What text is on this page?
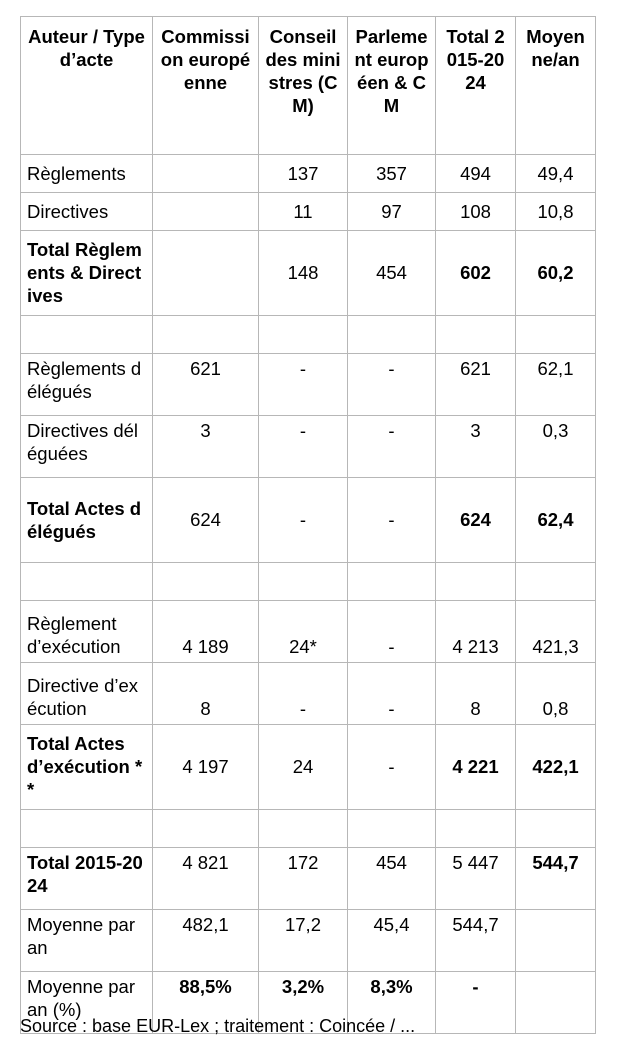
Auteur / Type d’acte	Commission européenne	Conseil des ministres (CM)	Parlement européen & CM	Total 2015-2024	Moyenne/an
Règlements		137	357	494	49,4
Directives		11	97	108	10,8
Total Règlements & Directives		148	454	602	60,2

Règlements délégués	621	-	-	621	62,1
Directives déléguées	3	-	-	3	0,3
Total Actes délégués	624	-	-	624	62,4

Règlement d’exécution	4 189	24*	-	4 213	421,3
Directive d’exécution	8	-	-	8	0,8
Total Actes d’exécution **	4 197	24	-	4 221	422,1

Total 2015-2024	4 821	172	454	5 447	544,7
Moyenne par an	482,1	17,2	45,4	544,7	
Moyenne par an (%)	88,5%	3,2%	8,3%	-	
Source : base EUR-Lex ; traitement : Coincée / ...
